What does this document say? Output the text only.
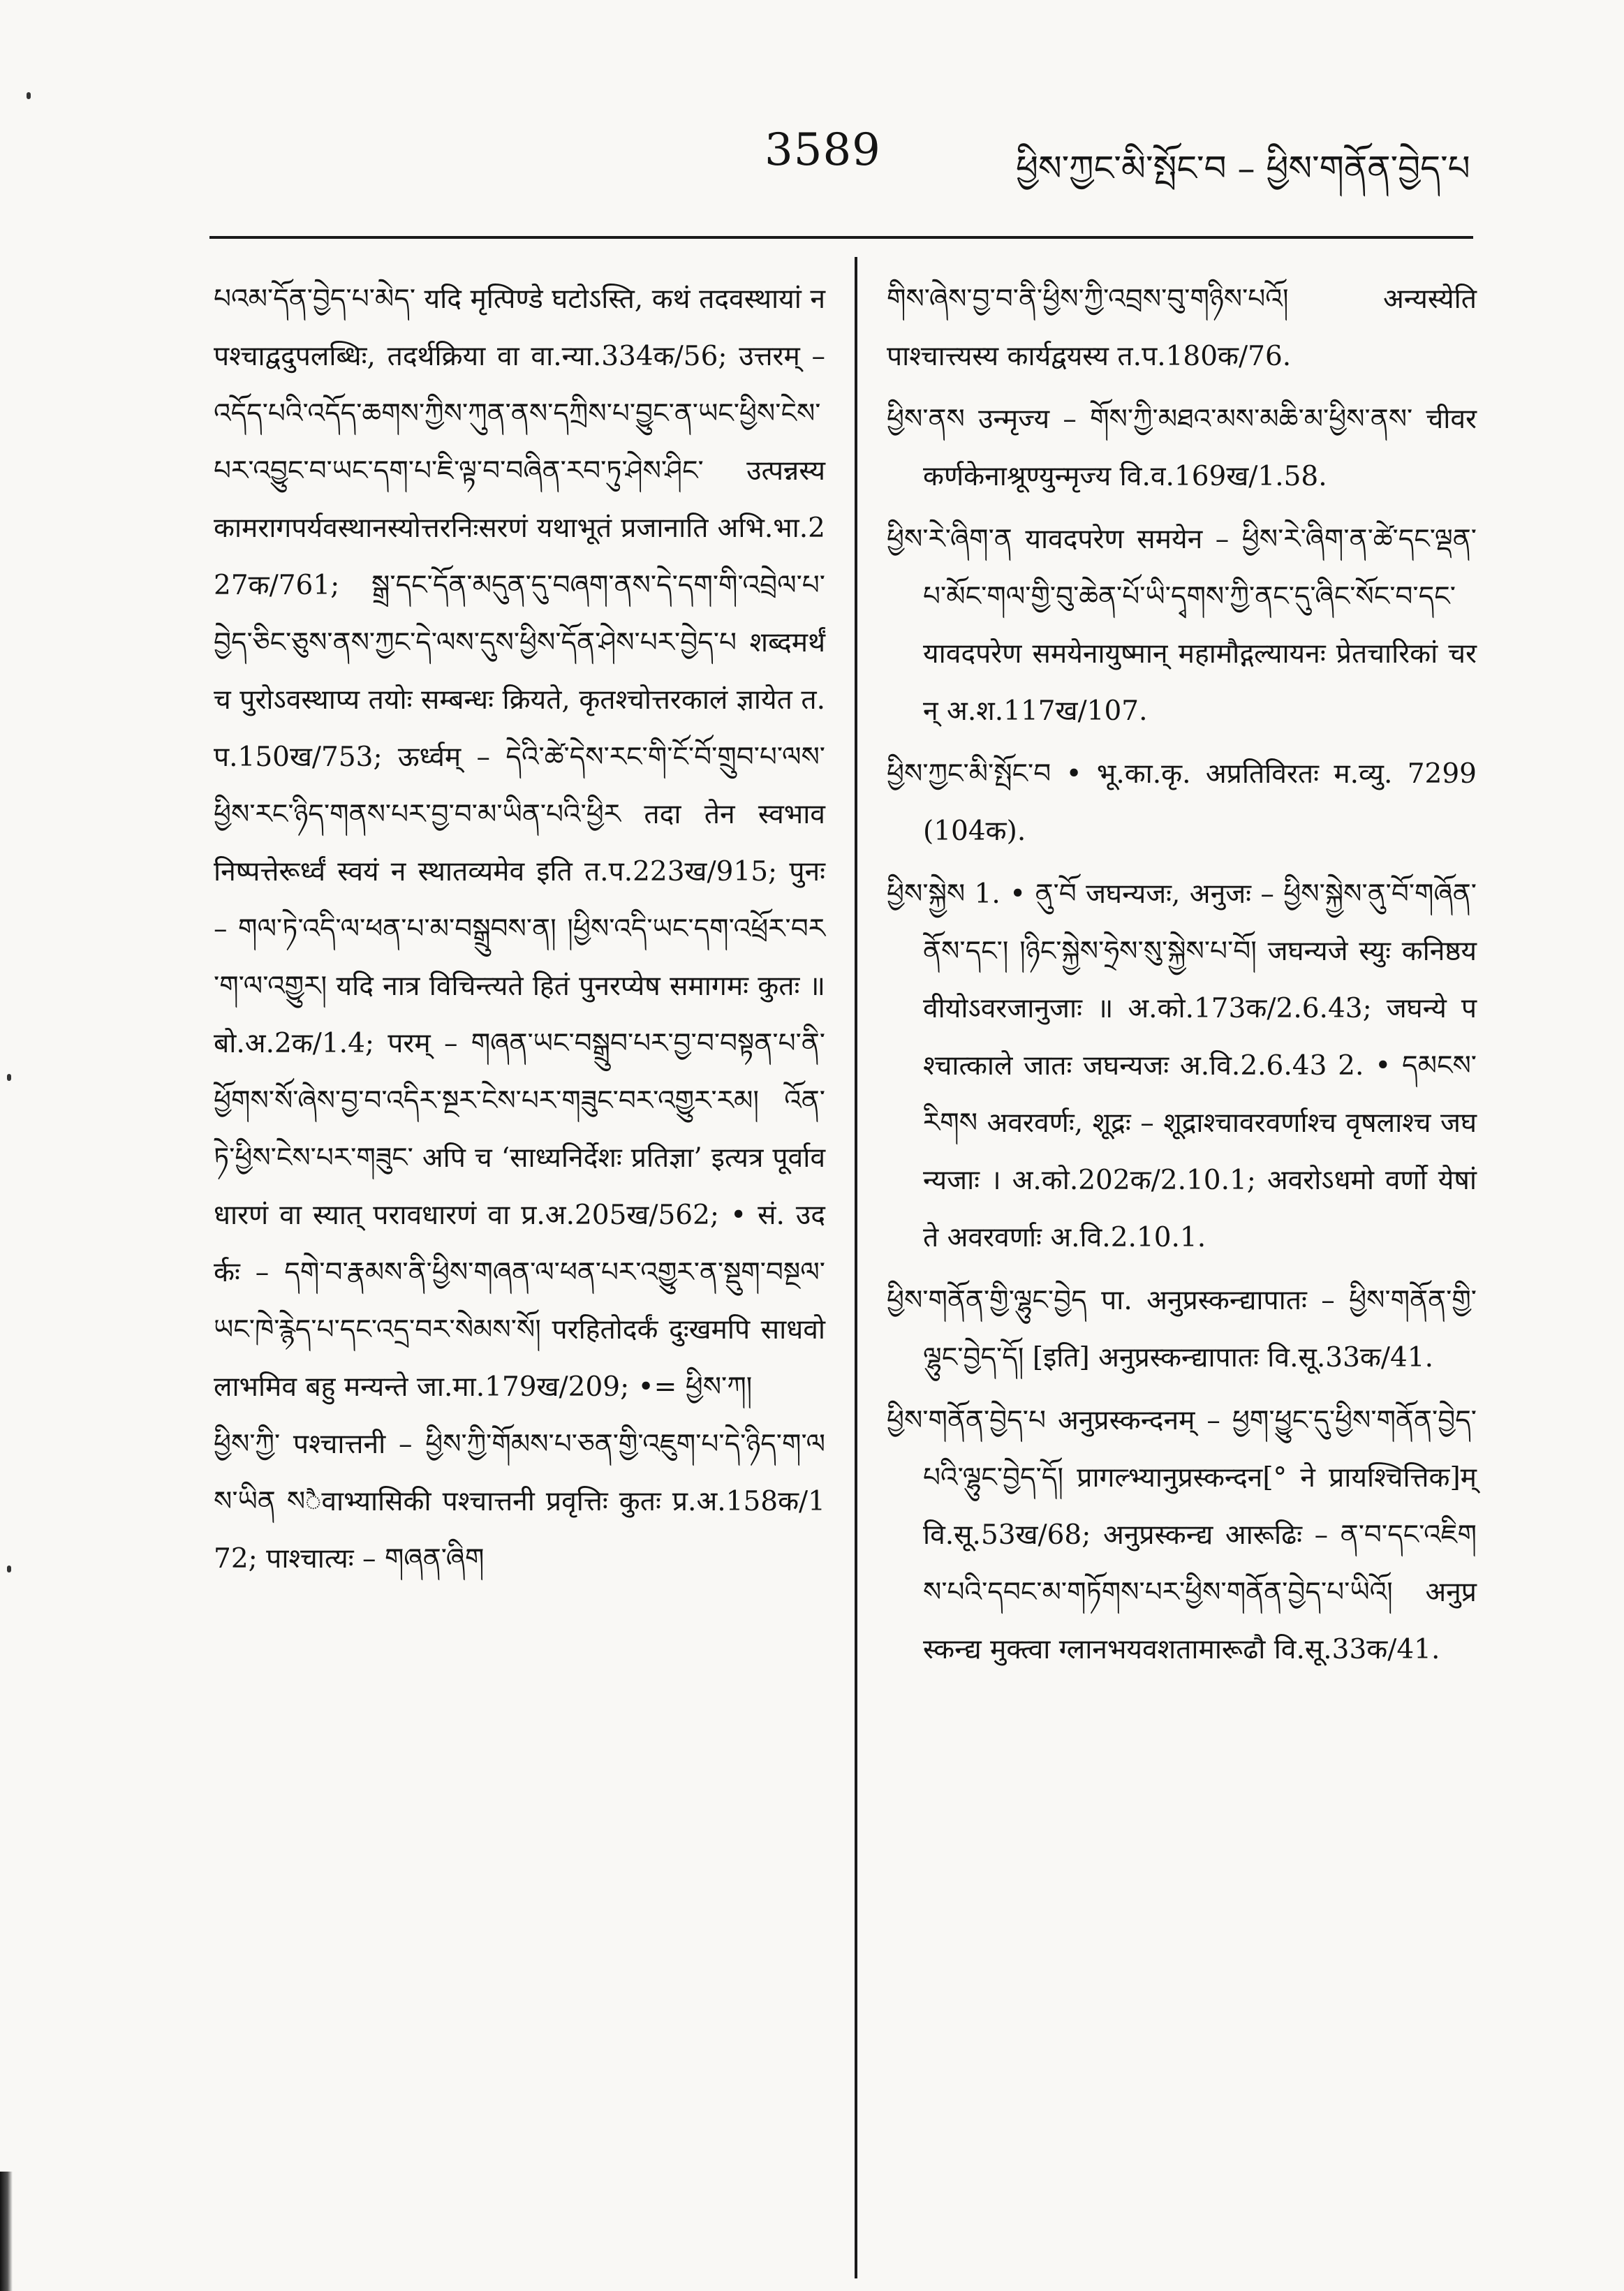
3589	ཕྱིས་ཀྱང་མི་སྤོང་བ – ཕྱིས་གནོན་བྱེད་པ

པའམ་དོན་བྱེད་པ་མེད་ यदि मृत्पिण्डे घटोऽस्ति, कथं तदवस्थायां न पश्चाद्वदुपलब्धिः, तदर्थक्रिया वा वा.न्या.334क/56; उत्तरम् – འདོད་པའི་འདོད་ཆགས་ཀྱིས་ཀུན་ནས་དཀྲིས་པ་བྱུང་ན་ཡང་ཕྱིས་ངེས་པར་འབྱུང་བ་ཡང་དག་པ་ཇི་ལྟ་བ་བཞིན་རབ་ཏུ་ཤེས་ཤིང་ उत्पन्नस्य कामरागपर्यवस्थानस्योत्तरनिःसरणं यथाभूतं प्रजानाति अभि.भा.227क/761; སྒྲ་དང་དོན་མདུན་དུ་བཞག་ནས་དེ་དག་གི་འབྲེལ་པ་བྱེད་ཅིང་ཅུས་ནས་ཀྱང་དེ་ལས་དུས་ཕྱིས་དོན་ཤེས་པར་བྱེད་པ शब्दमर्थं च पुरोऽवस्थाप्य तयोः सम्बन्धः क्रियते, कृतश्चोत्तरकालं ज्ञायेत त.प.150ख/753; ऊर्ध्वम् – དེའི་ཚེ་དེས་རང་གི་ངོ་བོ་གྲུབ་པ་ལས་ཕྱིས་རང་ཉིད་གནས་པར་བྱ་བ་མ་ཡིན་པའི་ཕྱིར तदा तेन स्वभावनिष्पत्तेरूर्ध्वं स्वयं न स्थातव्यमेव इति त.प.223ख/915; पुनः – གལ་ཏེ་འདི་ལ་ཕན་པ་མ་བསྒྲུབས་ན། །ཕྱིས་འདི་ཡང་དག་འཕྲོར་བར་ག་ལ་འགྱུར། यदि नात्र विचिन्त्यते हितं पुनरप्येष समागमः कुतः ॥ बो.अ.2क/1.4; परम् – གཞན་ཡང་བསྒྲུབ་པར་བྱ་བ་བསྟན་པ་ནི་ཕྱོགས་སོ་ཞེས་བྱ་བ་འདིར་སྔར་ངེས་པར་གཟུང་བར་འགྱུར་རམ། འོན་ཏེ་ཕྱིས་ངེས་པར་གཟུང་ अपि च ‘साध्यनिर्देशः प्रतिज्ञा’ इत्यत्र पूर्वावधारणं वा स्यात् परावधारणं वा प्र.अ.205ख/562; • सं. उदर्कः – དགེ་བ་རྣམས་ནི་ཕྱིས་གཞན་ལ་ཕན་པར་འགྱུར་ན་སྡུག་བསྔལ་ཡང་ཁེ་རྙེད་པ་དང་འདྲ་བར་སེམས་སོ། परहितोदर्कं दुःखमपि साधवो लाभमिव बहु मन्यन्ते जा.मा.179ख/209; •= ཕྱིས་ཀ།

ཕྱིས་ཀྱི་ पश्चात्तनी – ཕྱིས་ཀྱི་གོམས་པ་ཅན་གྱི་འཇུག་པ་དེ་ཉིད་ག་ལས་ཡིན སैवाभ्यासिकी पश्चात्तनी प्रवृत्तिः कुतः प्र.अ.158क/172; पाश्चात्यः – གཞན་ཞིག

གིས་ཞེས་བྱ་བ་ནི་ཕྱིས་ཀྱི་འབྲས་བུ་གཉིས་པའོ། अन्यस्येति पाश्चात्त्यस्य कार्यद्वयस्य त.प.180क/76.

ཕྱིས་ནས उन्मृज्य – གོས་ཀྱི་མཐའ་མས་མཆི་མ་ཕྱིས་ནས་ चीवरकर्णकेनाश्रूण्युन्मृज्य वि.व.169ख/1.58.

ཕྱིས་རེ་ཞིག་ན यावदपरेण समयेन – ཕྱིས་རེ་ཞིག་ན་ཚེ་དང་ལྡན་པ་མོང་གལ་གྱི་བུ་ཆེན་པོ་ཡི་དྭགས་ཀྱི་ནང་དུ་ཞིང་སོང་བ་དང་ यावदपरेण समयेनायुष्मान् महामौद्गल्यायनः प्रेतचारिकां चरन् अ.श.117ख/107.

ཕྱིས་ཀྱང་མི་སྤོང་བ • भू.का.कृ. अप्रतिविरतः म.व्यु. 7299 (104क).

ཕྱིས་སྐྱེས 1. • ནུ་བོ जघन्यजः, अनुजः – ཕྱིས་སྐྱེས་ནུ་བོ་གཞོན་ནོས་དང་། །ཉིང་སྐྱེས་ཧྲེས་སུ་སྐྱེས་པ་བོ། जघन्यजे स्युः कनिष्ठयवीयोऽवरजानुजाः ॥ अ.को.173क/2.6.43; जघन्ये पश्चात्काले जातः जघन्यजः अ.वि.2.6.43 2. • དམངས་རིགས अवरवर्णः, शूद्रः – शूद्राश्चावरवर्णाश्च वृषलाश्च जघन्यजाः । अ.को.202क/2.10.1; अवरोऽधमो वर्णो येषां ते अवरवर्णाः अ.वि.2.10.1.

ཕྱིས་གནོན་གྱི་ལྷུང་བྱེད पा. अनुप्रस्कन्द्यापातः – ཕྱིས་གནོན་གྱི་ལྷུང་བྱེད་དོ། [इति] अनुप्रस्कन्द्यापातः वि.सू.33क/41.

ཕྱིས་གནོན་བྱེད་པ अनुप्रस्कन्दनम् – ཕྱག་ཕྱུང་དུ་ཕྱིས་གནོན་བྱེད་པའི་ལྷུང་བྱེད་དོ། प्रागल्भ्यानुप्रस्कन्दन[° ने प्रायश्चित्तिक]म् वि.सू.53ख/68; अनुप्रस्कन्द्य आरूढिः – ན་བ་དང་འཇིགས་པའི་དབང་མ་གཏོགས་པར་ཕྱིས་གནོན་བྱེད་པ་ཡིའོ། अनुप्रस्कन्द्य मुक्त्वा ग्लानभयवशतामारूढौ वि.सू.33क/41.
